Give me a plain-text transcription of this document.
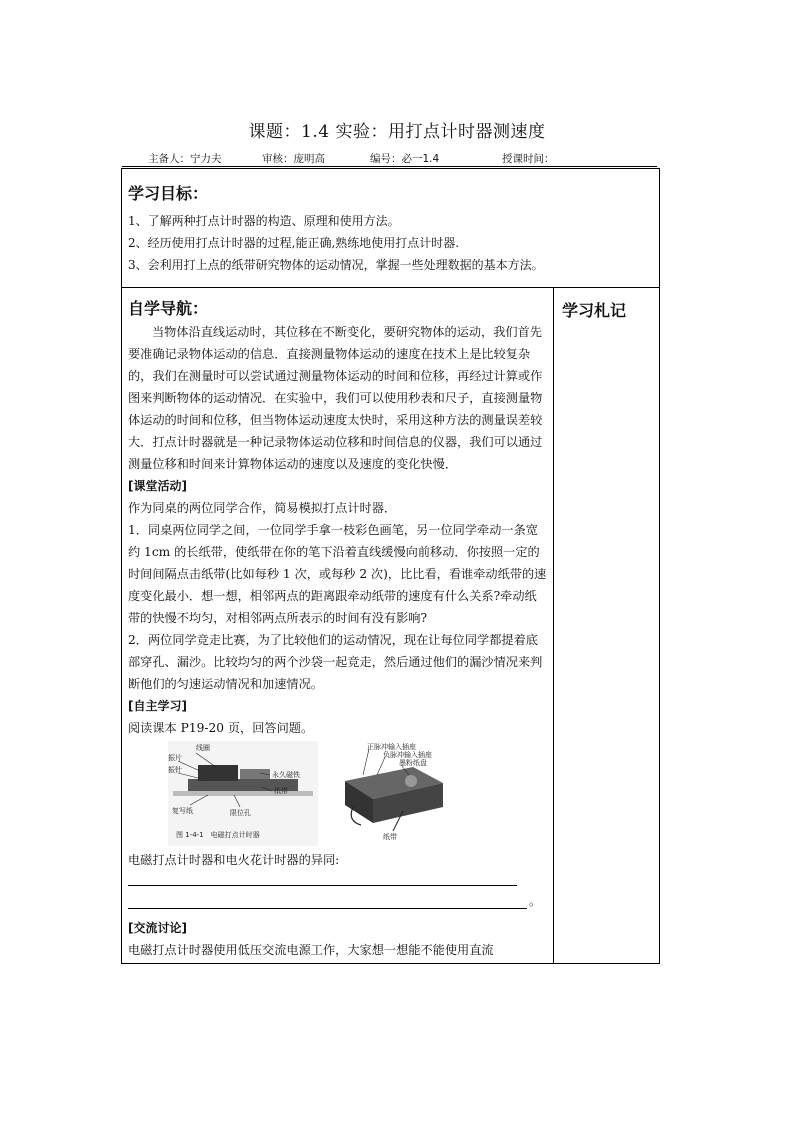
课题：1.4 实验：用打点计时器测速度
主备人：宁力夫	审核：庞明高	编号：必一1.4	授课时间：
学习目标：
1、了解两种打点计时器的构造、原理和使用方法。
2、经历使用打点计时器的过程,能正确,熟练地使用打点计时器.
3、会利用打上点的纸带研究物体的运动情况，掌握一些处理数据的基本方法。

自学导航：

当物体沿直线运动时，其位移在不断变化，要研究物体的运动，我们首先要准确记录物体运动的信息．直接测量物体运动的速度在技术上是比较复杂的，我们在测量时可以尝试通过测量物体运动的时间和位移，再经过计算或作图来判断物体的运动情况．在实验中，我们可以使用秒表和尺子，直接测量物体运动的时间和位移，但当物体运动速度太快时，采用这种方法的测量误差较大．打点计时器就是一种记录物体运动位移和时间信息的仪器，我们可以通过测量位移和时间来计算物体运动的速度以及速度的变化快慢．

[课堂活动]

作为同桌的两位同学合作，简易模拟打点计时器．

1．同桌两位同学之间，一位同学手拿一枝彩色画笔，另一位同学牵动一条宽约 1cm 的长纸带，使纸带在你的笔下沿着直线缓慢向前移动．你按照一定的时间间隔点击纸带(比如每秒 1 次，或每秒 2 次)，比比看，看谁牵动纸带的速度变化最小．想一想，相邻两点的距离跟牵动纸带的速度有什么关系?牵动纸带的快慢不均匀，对相邻两点所表示的时间有没有影响?

2．两位同学竞走比赛，为了比较他们的运动情况，现在让每位同学都提着底部穿孔、漏沙。比较均匀的两个沙袋一起竞走，然后通过他们的漏沙情况来判断他们的匀速运动情况和加速情况。

[自主学习]

阅读课本 P19-20 页，回答问题。

线圈
振片
振针
永久磁铁
纸带
复写纸	限位孔
图 1-4-1　电磁打点计时器
正脉冲输入插座
负脉冲输入插座
墨粉纸盘
纸带

电磁打点计时器和电火花计时器的异同:

。

[交流讨论]

电磁打点计时器使用低压交流电源工作，大家想一想能不能使用直流

学习札记
